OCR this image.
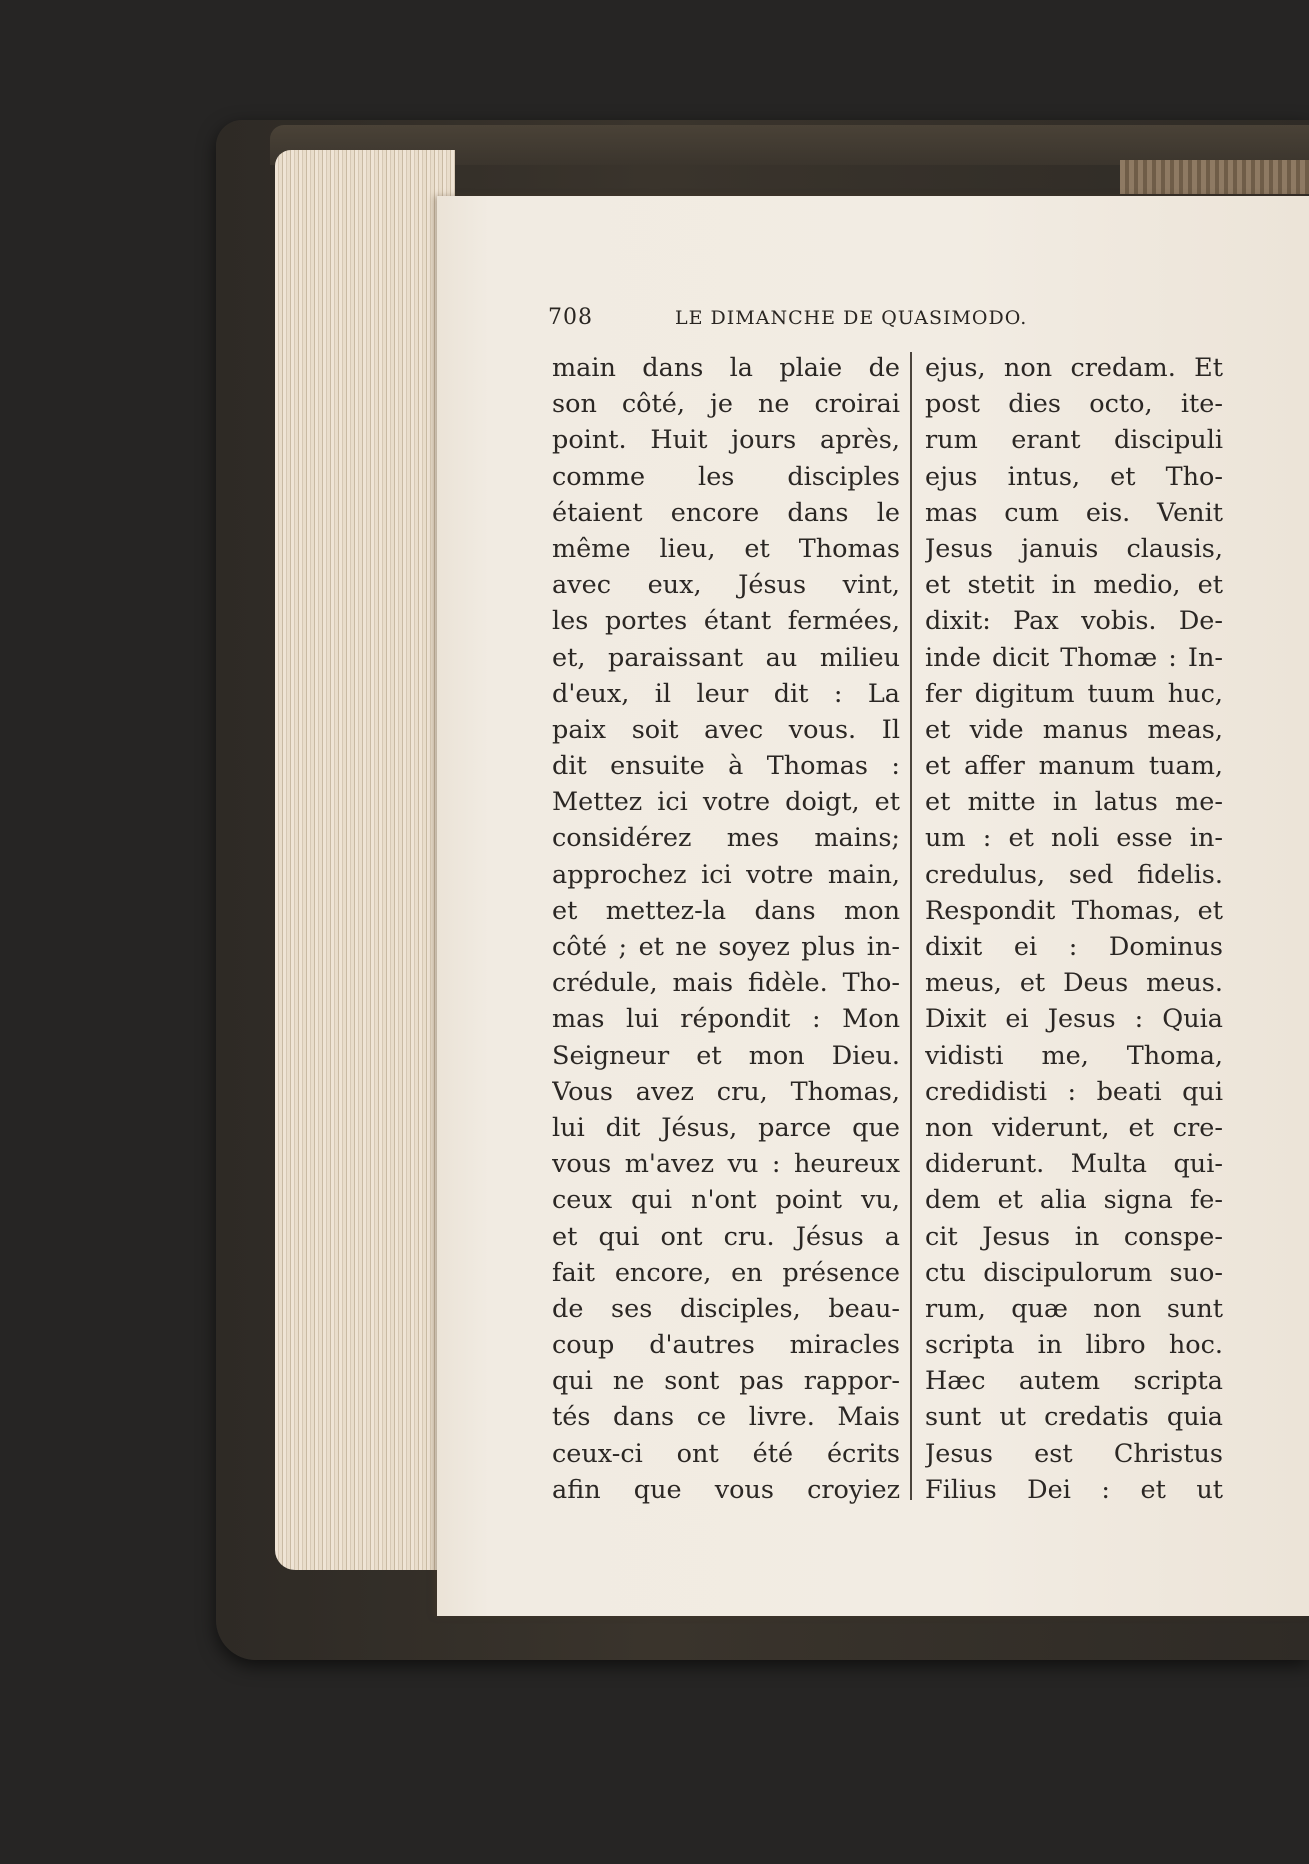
708	LE DIMANCHE DE QUASIMODO.
main dans la plaie de
son côté, je ne croirai
point. Huit jours après,
comme les disciples
étaient encore dans le
même lieu, et Thomas
avec eux, Jésus vint,
les portes étant fermées,
et, paraissant au milieu
d'eux, il leur dit : La
paix soit avec vous. Il
dit ensuite à Thomas :
Mettez ici votre doigt, et
considérez mes mains;
approchez ici votre main,
et mettez-la dans mon
côté ; et ne soyez plus in-
crédule, mais fidèle. Tho-
mas lui répondit : Mon
Seigneur et mon Dieu.
Vous avez cru, Thomas,
lui dit Jésus, parce que
vous m'avez vu : heureux
ceux qui n'ont point vu,
et qui ont cru. Jésus a
fait encore, en présence
de ses disciples, beau-
coup d'autres miracles
qui ne sont pas rappor-
tés dans ce livre. Mais
ceux-ci ont été écrits
afin que vous croyiez
ejus, non credam. Et
post dies octo, ite-
rum erant discipuli
ejus intus, et Tho-
mas cum eis. Venit
Jesus januis clausis,
et stetit in medio, et
dixit: Pax vobis. De-
inde dicit Thomæ : In-
fer digitum tuum huc,
et vide manus meas,
et affer manum tuam,
et mitte in latus me-
um : et noli esse in-
credulus, sed fidelis.
Respondit Thomas, et
dixit ei : Dominus
meus, et Deus meus.
Dixit ei Jesus : Quia
vidisti me, Thoma,
credidisti : beati qui
non viderunt, et cre-
diderunt. Multa qui-
dem et alia signa fe-
cit Jesus in conspe-
ctu discipulorum suo-
rum, quæ non sunt
scripta in libro hoc.
Hæc autem scripta
sunt ut credatis quia
Jesus est Christus
Filius Dei : et ut
